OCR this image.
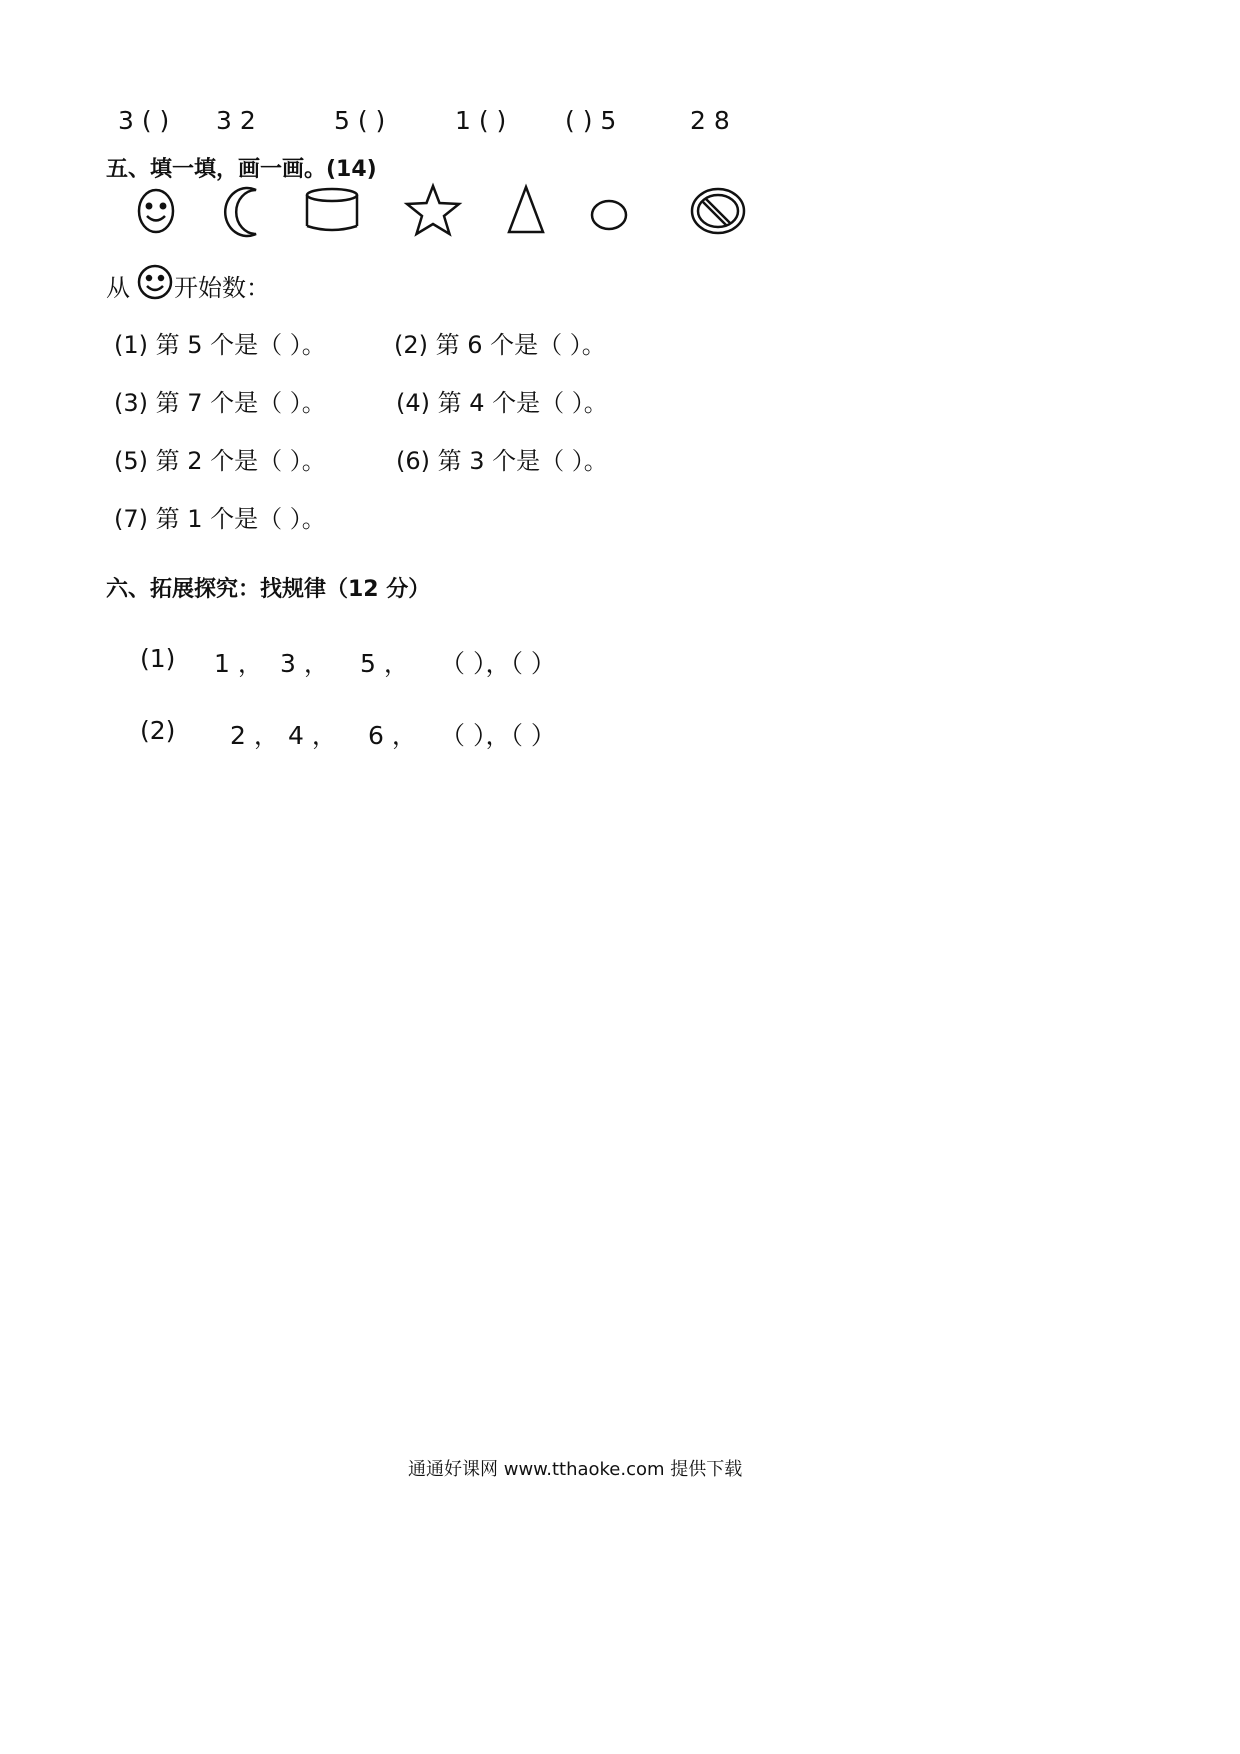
3 ( ) 3 2	5 ( )	1 ( ) ( ) 5	2 8
五、填一填，画一画。(14)
从 开始数：
(1) 第 5 个是（ ）。	(2) 第 6 个是（ ）。
(3) 第 7 个是（ ）。	(4) 第 4 个是（ ）。
(5) 第 2 个是（ ）。	(6) 第 3 个是（ ）。
(7) 第 1 个是（ ）。
六、拓展探究：找规律（12 分）
(1) 1 ， 3 ， 5 ， （ ），（ ）
(2) 2 ， 4 ， 6 ， （ ），（ ）
通通好课网 www.tthaoke.com 提供下载
